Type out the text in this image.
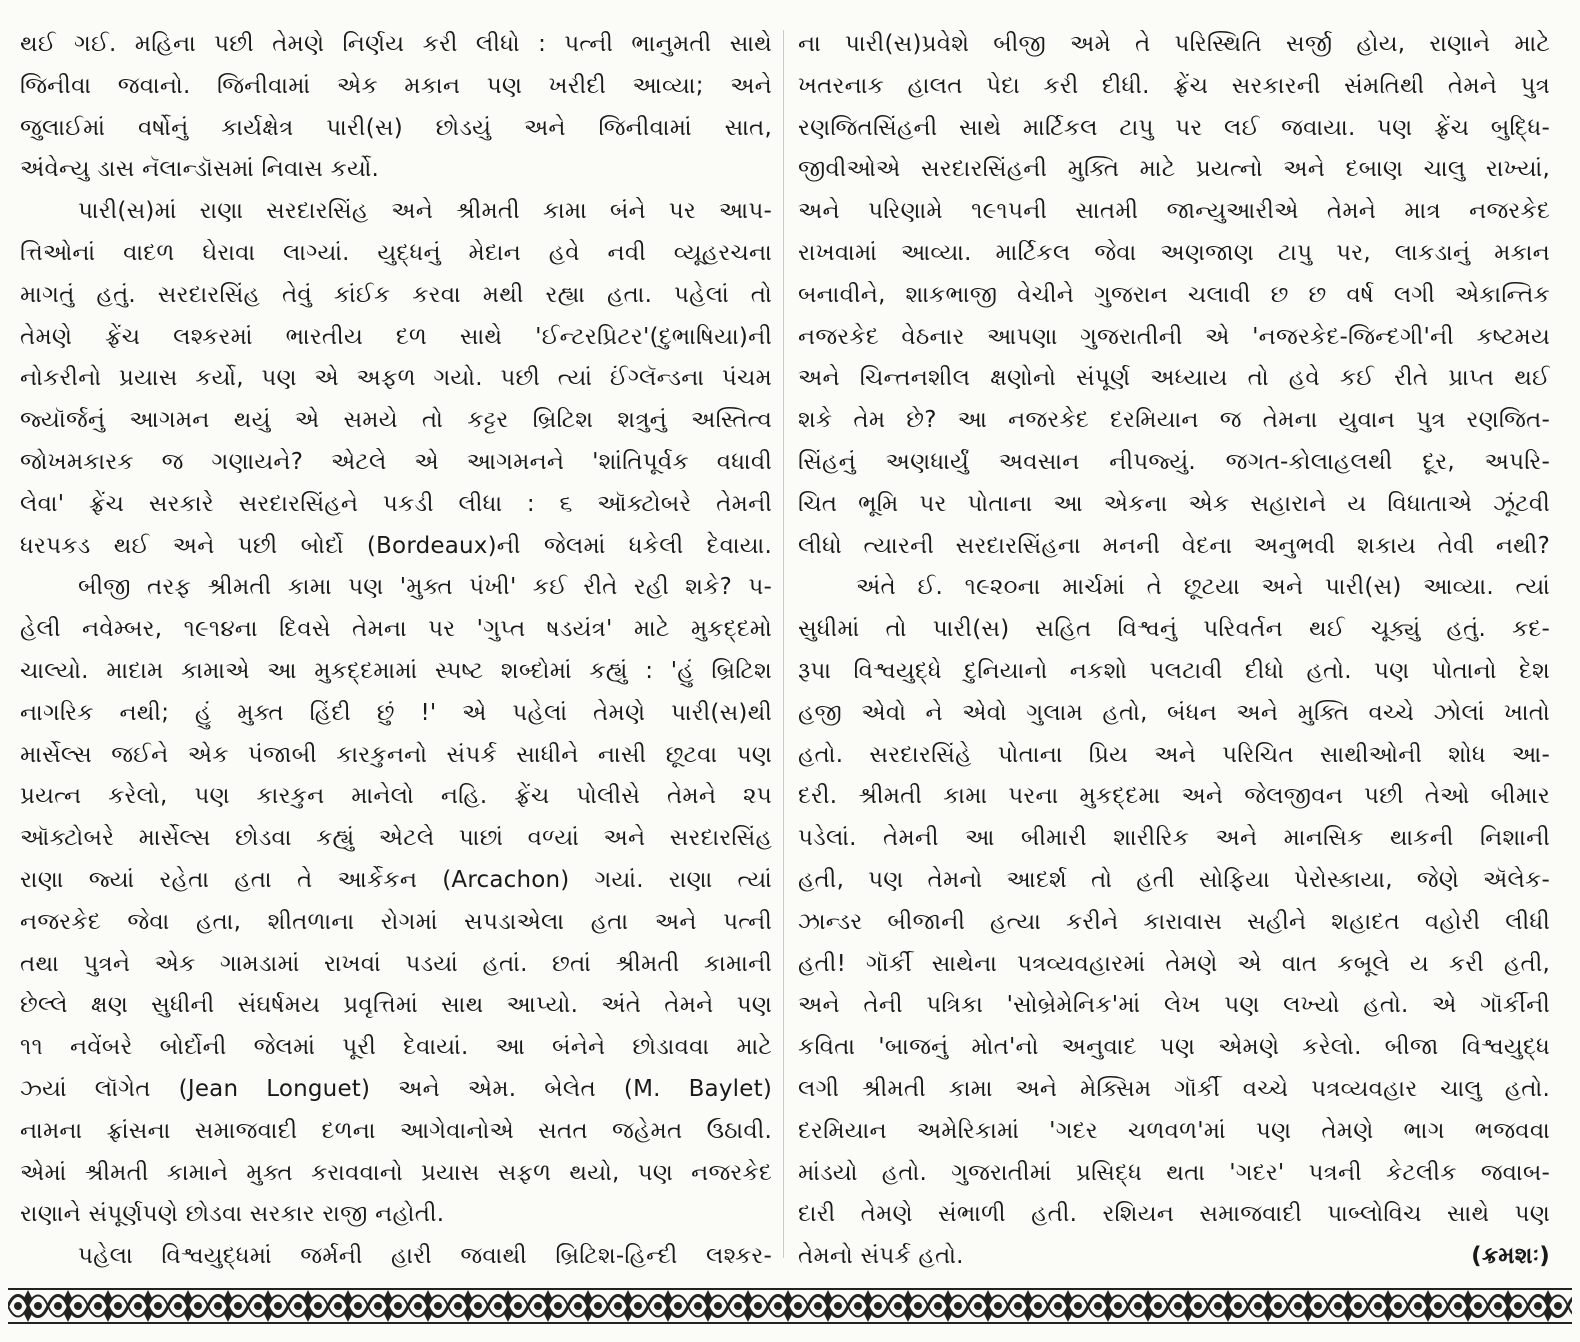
થઈ ગઈ. મહિના પછી તેમણે નિર્ણય કરી લીધો : પત્ની ભાનુમતી સાથે
જિનીવા જવાનો. જિનીવામાં એક મકાન પણ ખરીદી આવ્યા; અને
જુલાઈમાં વર્ષોનું કાર્યક્ષેત્ર પારી(સ) છોડયું અને જિનીવામાં સાત,
અંવેન્યુ ડાસ નૅલાન્ડૉસમાં નિવાસ કર્યો.
પારી(સ)માં રાણા સરદારસિંહ અને શ્રીમતી કામા બંને પર આપ-
ત્તિઓનાં વાદળ ઘેરાવા લાગ્યાં. યુદ્ધનું મેદાન હવે નવી વ્યૂહરચના
માગતું હતું. સરદારસિંહ તેવું કાંઈક કરવા મથી રહ્યા હતા. પહેલાં તો
તેમણે ફ્રેંચ લશ્કરમાં ભારતીય દળ સાથે 'ઈન્ટરપ્રિટર'(દુભાષિયા)ની
નોકરીનો પ્રયાસ કર્યો, પણ એ અફળ ગયો. પછી ત્યાં ઈંગ્લૅન્ડના પંચમ
જ્યૉર્જનું આગમન થયું એ સમયે તો કટ્ટર બ્રિટિશ શત્રુનું અસ્તિત્વ
જોખમકારક જ ગણાયને? એટલે એ આગમનને 'શાંતિપૂર્વક વધાવી
લેવા' ફ્રેંચ સરકારે સરદારસિંહને પકડી લીધા : ૬ ઑક્ટોબરે તેમની
ધરપકડ થઈ અને પછી બોર્દો (Bordeaux)ની જેલમાં ધકેલી દેવાયા.
બીજી તરફ શ્રીમતી કામા પણ 'મુક્ત પંખી' કઈ રીતે રહી શકે? પ-
હેલી નવેમ્બર, ૧૯૧૪ના દિવસે તેમના પર 'ગુપ્ત ષડયંત્ર' માટે મુકદ્દમો
ચાલ્યો. માદામ કામાએ આ મુકદ્દમામાં સ્પષ્ટ શબ્દોમાં કહ્યું : 'હું બ્રિટિશ
નાગરિક નથી; હું મુક્ત હિંદી છું !' એ પહેલાં તેમણે પારી(સ)થી
માર્સેલ્સ જઈને એક પંજાબી કારકુનનો સંપર્ક સાધીને નાસી છૂટવા પણ
પ્રયત્ન કરેલો, પણ કારકુન માનેલો નહિ. ફ્રેંચ પોલીસે તેમને ૨૫
ઑક્ટોબરે માર્સેલ્સ છોડવા કહ્યું એટલે પાછાં વળ્યાં અને સરદારસિંહ
રાણા જ્યાં રહેતા હતા તે આર્કેકન (Arcachon) ગયાં. રાણા ત્યાં
નજરકેદ જેવા હતા, શીતળાના રોગમાં સપડાએલા હતા અને પત્ની
તથા પુત્રને એક ગામડામાં રાખવાં પડયાં હતાં. છતાં શ્રીમતી કામાની
છેલ્લે ક્ષણ સુધીની સંઘર્ષમય પ્રવૃત્તિમાં સાથ આપ્યો. અંતે તેમને પણ
૧૧ નવેંબરે બોર્દોની જેલમાં પૂરી દેવાયાં. આ બંનેને છોડાવવા માટે
ઝ્યાં લૉગેત (Jean Longuet) અને એમ. બેલેત (M. Baylet)
નામના ફ્રાંસના સમાજવાદી દળના આગેવાનોએ સતત જહેમત ઉઠાવી.
એમાં શ્રીમતી કામાને મુક્ત કરાવવાનો પ્રયાસ સફળ થયો, પણ નજરકેદ
રાણાને સંપૂર્ણપણે છોડવા સરકાર રાજી નહોતી.
પહેલા વિશ્વયુદ્ધમાં જર્મની હારી જવાથી બ્રિટિશ-હિન્દી લશ્કર-
ના પારી(સ)પ્રવેશે બીજી અમે તે પરિસ્થિતિ સર્જી હોય, રાણાને માટે
ખતરનાક હાલત પેદા કરી દીધી. ફ્રેંચ સરકારની સંમતિથી તેમને પુત્ર
રણજિતસિંહની સાથે માર્ટિકલ ટાપુ પર લઈ જવાયા. પણ ફ્રેંચ બુદ્ધિ-
જીવીઓએ સરદારસિંહની મુક્તિ માટે પ્રયત્નો અને દબાણ ચાલુ રાખ્યાં,
અને પરિણામે ૧૯૧૫ની સાતમી જાન્યુઆરીએ તેમને માત્ર નજરકેદ
રાખવામાં આવ્યા. માર્ટિકલ જેવા અણજાણ ટાપુ પર, લાકડાનું મકાન
બનાવીને, શાકભાજી વેચીને ગુજરાન ચલાવી છ છ વર્ષ લગી એકાન્તિક
નજરકેદ વેઠનાર આપણા ગુજરાતીની એ 'નજરકેદ-જિન્દગી'ની કષ્ટમય
અને ચિન્તનશીલ ક્ષણોનો સંપૂર્ણ અધ્યાય તો હવે કઈ રીતે પ્રાપ્ત થઈ
શકે તેમ છે? આ નજરકેદ દરમિયાન જ તેમના યુવાન પુત્ર રણજિત-
સિંહનું અણધાર્યું અવસાન નીપજ્યું. જગત-કોલાહલથી દૂર, અપરિ-
ચિત ભૂમિ પર પોતાના આ એકના એક સહારાને ય વિધાતાએ ઝૂંટવી
લીધો ત્યારની સરદારસિંહના મનની વેદના અનુભવી શકાય તેવી નથી?
અંતે ઈ. ૧૯૨૦ના માર્ચમાં તે છૂટયા અને પારી(સ) આવ્યા. ત્યાં
સુધીમાં તો પારી(સ) સહિત વિશ્વનું પરિવર્તન થઈ ચૂક્યું હતું. કદ-
રૂપા વિશ્વયુદ્ધે દુનિયાનો નકશો પલટાવી દીધો હતો. પણ પોતાનો દેશ
હજી એવો ને એવો ગુલામ હતો, બંધન અને મુક્તિ વચ્ચે ઝોલાં ખાતો
હતો. સરદારસિંહે પોતાના પ્રિય અને પરિચિત સાથીઓની શોધ આ-
દરી. શ્રીમતી કામા પરના મુકદ્દમા અને જેલજીવન પછી તેઓ બીમાર
પડેલાં. તેમની આ બીમારી શારીરિક અને માનસિક થાકની નિશાની
હતી, પણ તેમનો આદર્શ તો હતી સોફિયા પેરોસ્કાયા, જેણે ઍલેક-
ઝાન્ડર બીજાની હત્યા કરીને કારાવાસ સહીને શહાદત વહોરી લીધી
હતી! ગૉર્કી સાથેના પત્રવ્યવહારમાં તેમણે એ વાત કબૂલે ય કરી હતી,
અને તેની પત્રિકા 'સોબ્રેમેનિક'માં લેખ પણ લખ્યો હતો. એ ગૉર્કીની
કવિતા 'બાજનું મોત'નો અનુવાદ પણ એમણે કરેલો. બીજા વિશ્વયુદ્ધ
લગી શ્રીમતી કામા અને મેક્સિમ ગૉર્કી વચ્ચે પત્રવ્યવહાર ચાલુ હતો.
દરમિયાન અમેરિકામાં 'ગદર ચળવળ'માં પણ તેમણે ભાગ ભજવવા
માંડયો હતો. ગુજરાતીમાં પ્રસિદ્ધ થતા 'ગદર' પત્રની કેટલીક જવાબ-
દારી તેમણે સંભાળી હતી. રશિયન સમાજવાદી પાબ્લોવિચ સાથે પણ
તેમનો સંપર્ક હતો.	(ક્રમશઃ)
